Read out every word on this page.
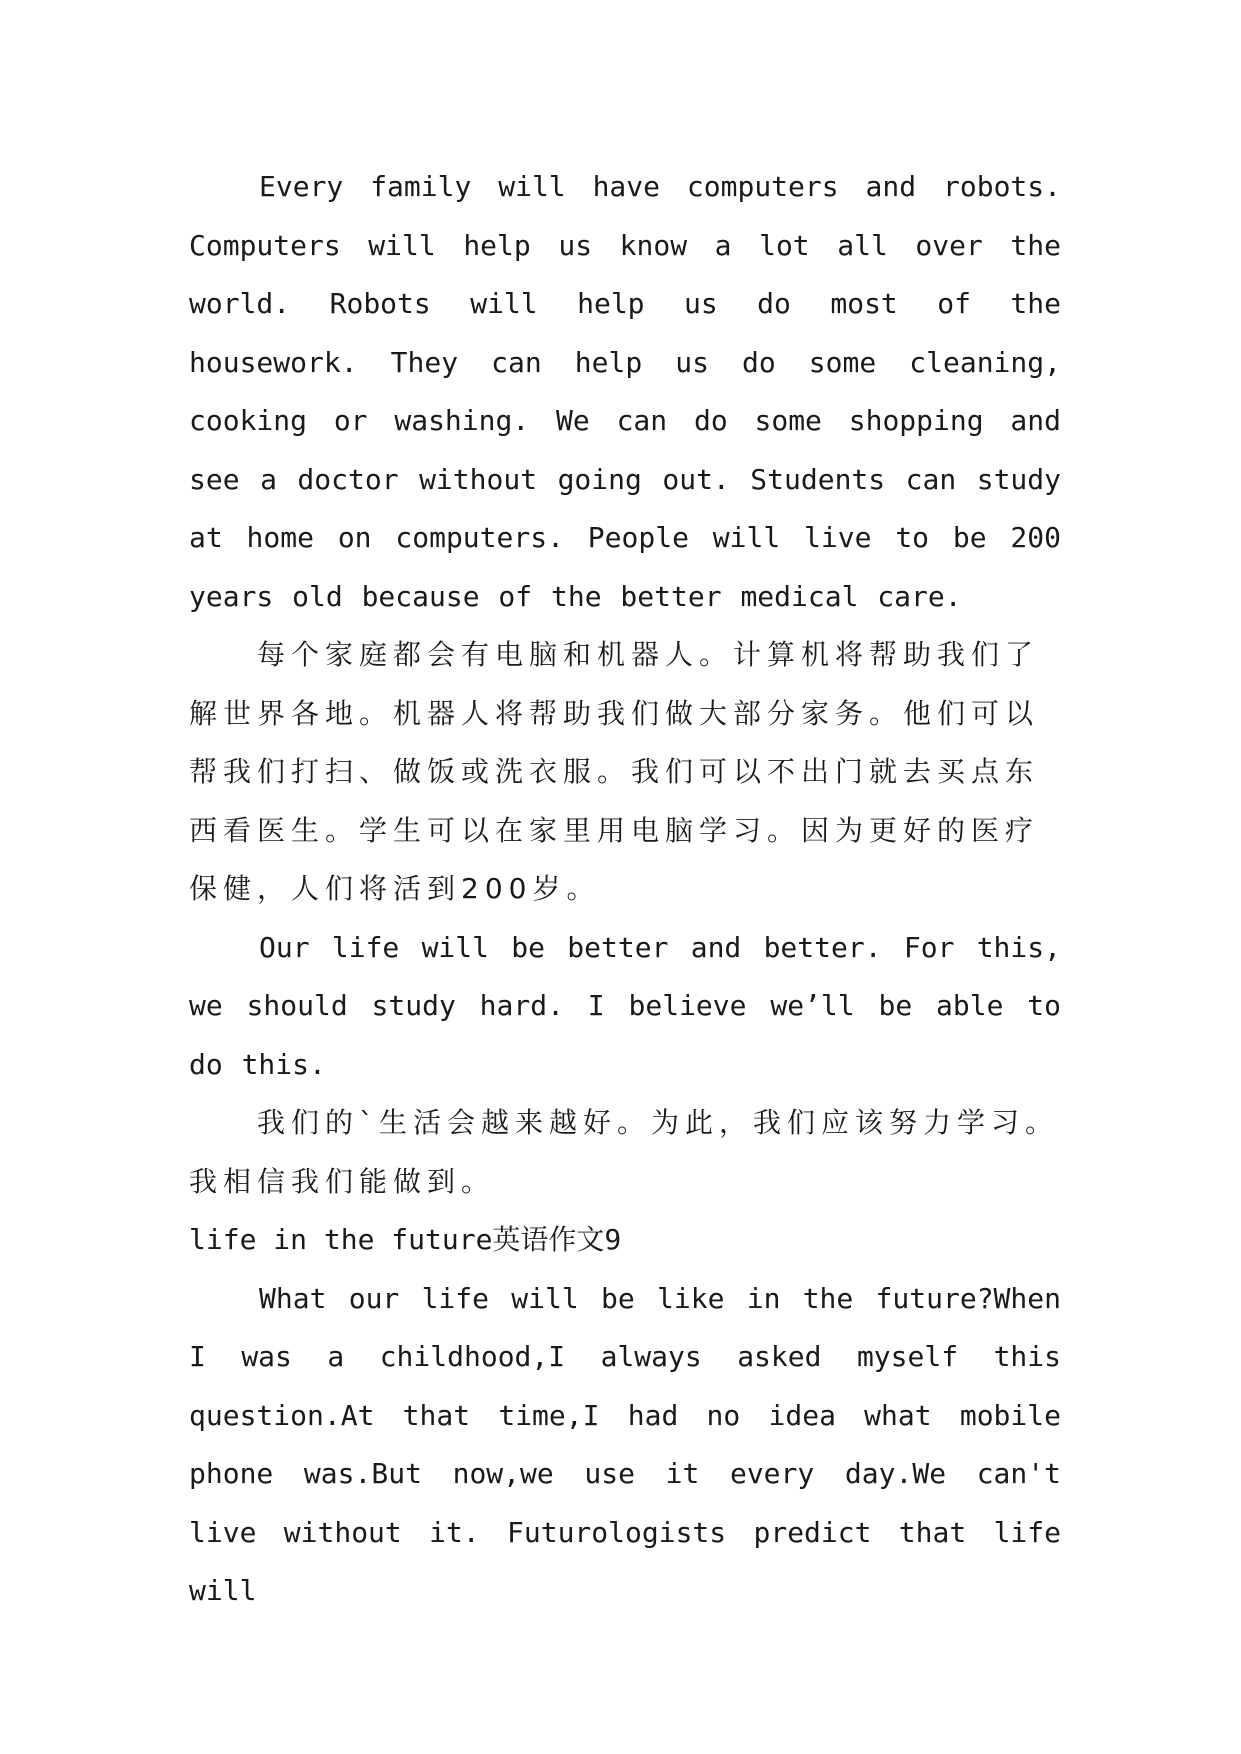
Every family will have computers and robots. Computers will help us know a lot all over the world. Robots will help us do most of the housework. They can help us do some cleaning, cooking or washing. We can do some shopping and see a doctor without going out. Students can study at home on computers. People will live to be 200 years old because of the better medical care.

每个家庭都会有电脑和机器人。计算机将帮助我们了解世界各地。机器人将帮助我们做大部分家务。他们可以帮我们打扫、做饭或洗衣服。我们可以不出门就去买点东西看医生。学生可以在家里用电脑学习。因为更好的医疗保健，人们将活到200岁。

Our life will be better and better. For this, we should study hard. I believe we’ll be able to do this.

我们的`生活会越来越好。为此，我们应该努力学习。我相信我们能做到。

life in the future英语作文9

What our life will be like in the future?When I was a childhood,I always asked myself this question.At that time,I had no idea what mobile phone was.But now,we use it every day.We can't live without it. Futurologists predict that life will
